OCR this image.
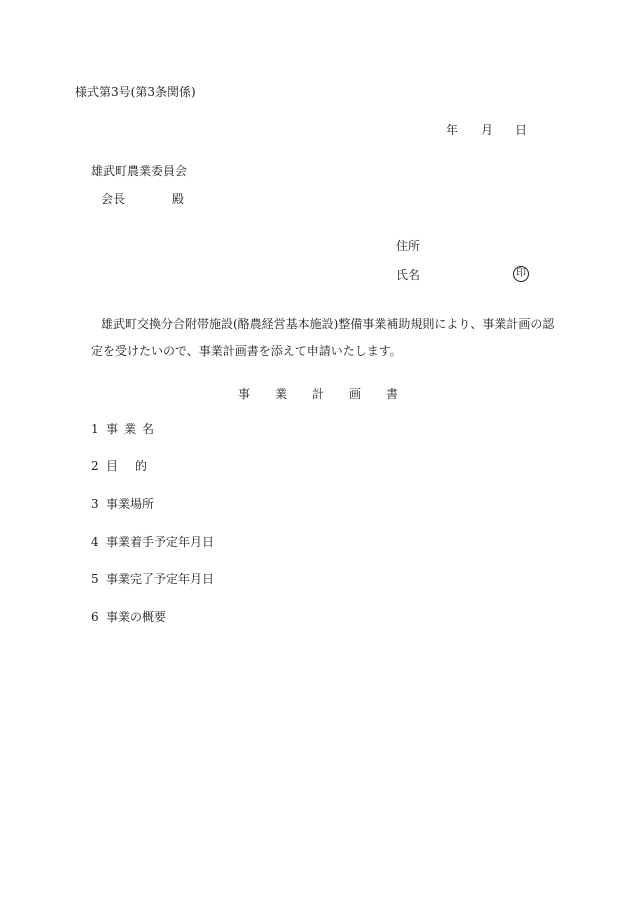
様式第3号(第3条関係)
年 月 日
雄武町農業委員会
会長	殿
住所
氏名	印
雄武町交換分合附帯施設(酪農経営基本施設)整備事業補助規則により、事業計画の認
定を受けたいので、事業計画書を添えて申請いたします。
事	業	計	画	書
1 事業名
2 目的
3 事業場所
4 事業着手予定年月日
5 事業完了予定年月日
6 事業の概要
